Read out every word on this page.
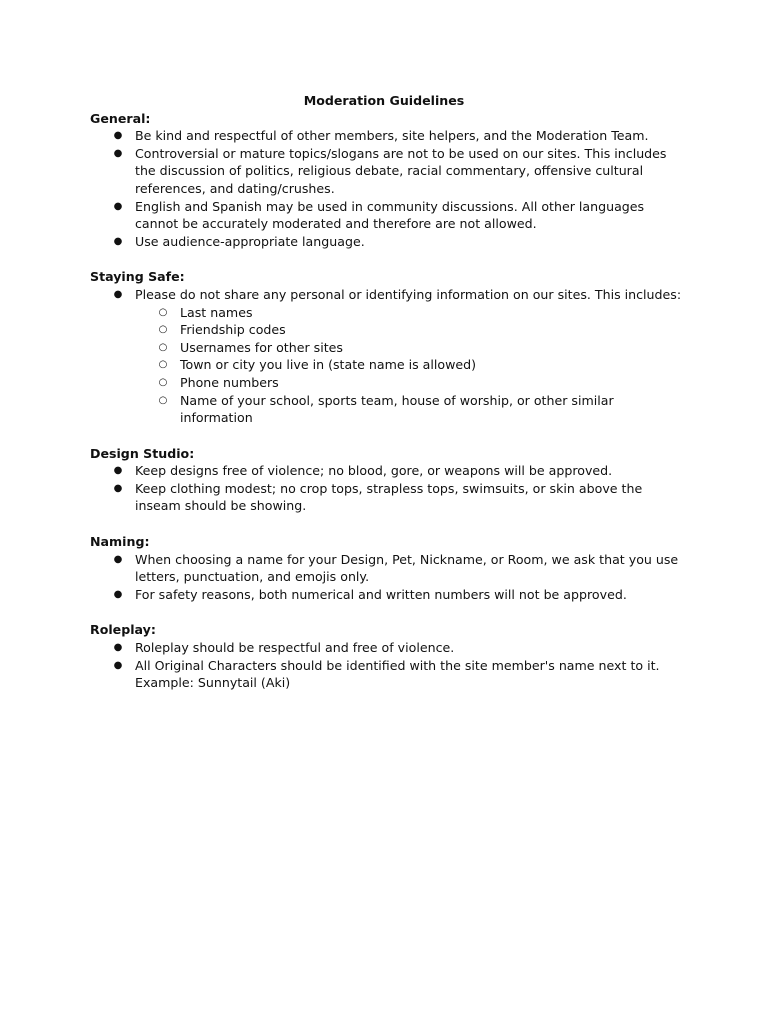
Moderation Guidelines

General:

● Be kind and respectful of other members, site helpers, and the Moderation Team.
● Controversial or mature topics/slogans are not to be used on our sites. This includes the discussion of politics, religious debate, racial commentary, offensive cultural references, and dating/crushes.
● English and Spanish may be used in community discussions. All other languages cannot be accurately moderated and therefore are not allowed.
● Use audience-appropriate language.

Staying Safe:

● Please do not share any personal or identifying information on our sites. This includes:
○ Last names
○ Friendship codes
○ Usernames for other sites
○ Town or city you live in (state name is allowed)
○ Phone numbers
○ Name of your school, sports team, house of worship, or other similar information

Design Studio:

● Keep designs free of violence; no blood, gore, or weapons will be approved.
● Keep clothing modest; no crop tops, strapless tops, swimsuits, or skin above the inseam should be showing.

Naming:

● When choosing a name for your Design, Pet, Nickname, or Room, we ask that you use letters, punctuation, and emojis only.
● For safety reasons, both numerical and written numbers will not be approved.

Roleplay:

● Roleplay should be respectful and free of violence.
● All Original Characters should be identified with the site member's name next to it.
Example: Sunnytail (Aki)
